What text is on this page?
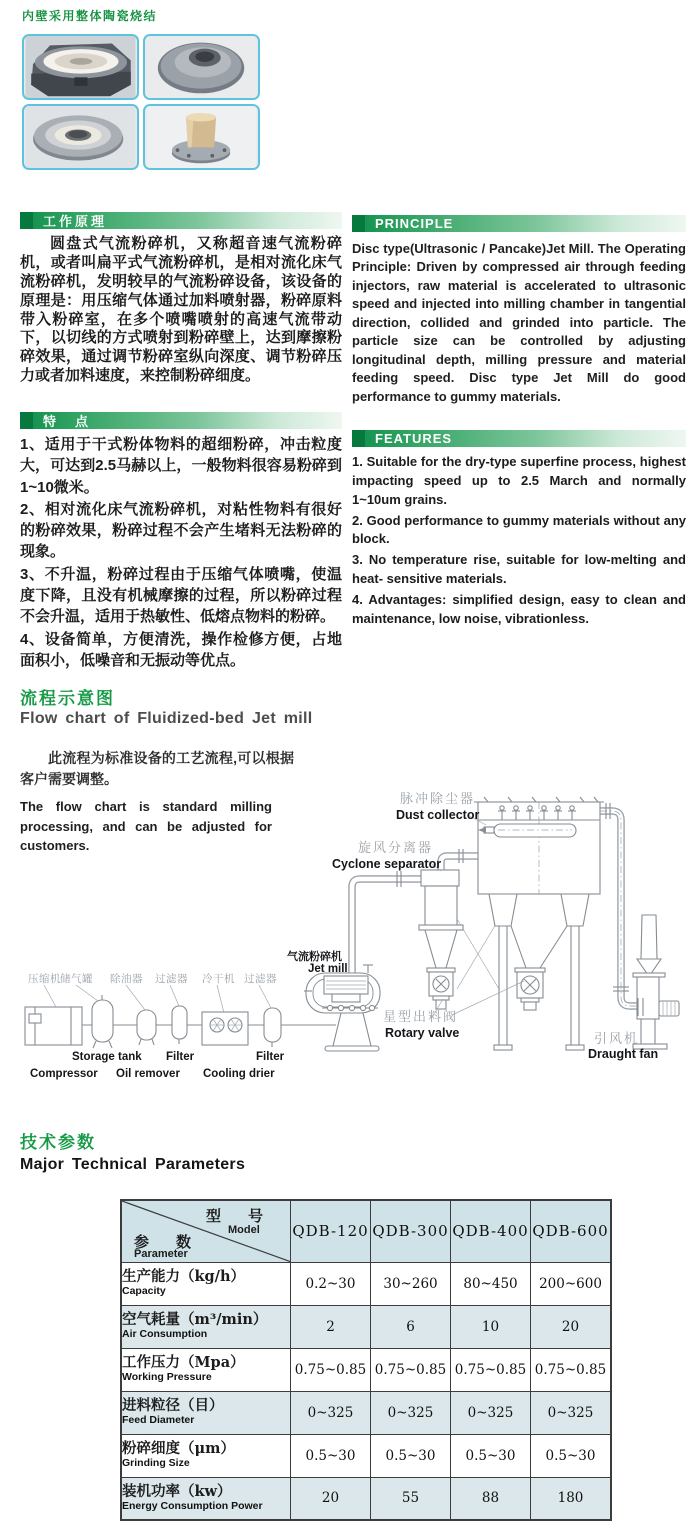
内壁采用整体陶瓷烧结
工作原理
圆盘式气流粉碎机，又称超音速气流粉碎机，或者叫扁平式气流粉碎机，是相对流化床气流粉碎机，发明较早的气流粉碎设备，该设备的原理是：用压缩气体通过加料喷射器，粉碎原料带入粉碎室，在多个喷嘴喷射的高速气流带动下，以切线的方式喷射到粉碎壁上，达到摩擦粉碎效果，通过调节粉碎室纵向深度、调节粉碎压力或者加料速度，来控制粉碎细度。
特　点

1、适用于干式粉体物料的超细粉碎，冲击粒度大，可达到2.5马赫以上，一般物料很容易粉碎到1~10微米。

2、相对流化床气流粉碎机，对粘性物料有很好的粉碎效果，粉碎过程不会产生堵料无法粉碎的现象。

3、不升温，粉碎过程由于压缩气体喷嘴，使温度下降，且没有机械摩擦的过程，所以粉碎过程不会升温，适用于热敏性、低熔点物料的粉碎。

4、设备简单，方便清洗，操作检修方便，占地面积小，低噪音和无振动等优点。

PRINCIPLE
Disc type(Ultrasonic / Pancake)Jet Mill. The Operating Principle: Driven by compressed air through feeding injectors, raw material is accelerated to ultrasonic speed and injected into milling chamber in tangential direction, collided and grinded into particle. The particle size can be controlled by adjusting longitudinal depth, milling pressure and material feeding speed. Disc type Jet Mill do good performance to gummy materials.
FEATURES

1. Suitable for the dry-type superfine process, highest impacting speed up to 2.5 March and normally 1~10um grains.

2. Good performance to gummy materials without any block.

3. No temperature rise, suitable for low-melting and heat- sensitive materials.

4. Advantages: simplified design, easy to clean and maintenance, low noise, vibrationless.

流程示意图
Flow chart of Fluidized-bed Jet mill
此流程为标准设备的工艺流程,可以根据客户需要调整。
The flow chart is standard milling processing, and can be adjusted for customers.
脉冲除尘器
Dust collector
旋风分离器
Cyclone separator
气流粉碎机
Jet mill
星型出料阀
Rotary valve	引风机
Draught fan
压缩机 储气罐 除油器 过滤器 冷干机 过滤器
Storage tank Filter	Filter
Compressor Oil remover Cooling drier
技术参数
Major Technical Parameters
型　号
Model
参　数
Parameter	QDB-120	QDB-300	QDB-400	QDB-600

生产能力（kg/h）
Capacity	0.2~30	30~260	80~450	200~600

空气耗量（m³/min）
Air Consumption	2	6	10	20

工作压力（Mpa）
Working Pressure	0.75~0.85	0.75~0.85	0.75~0.85	0.75~0.85

进料粒径（目）
Feed Diameter	0~325	0~325	0~325	0~325

粉碎细度（μm）
Grinding Size	0.5~30	0.5~30	0.5~30	0.5~30

装机功率（kw）
Energy Consumption Power	20	55	88	180
